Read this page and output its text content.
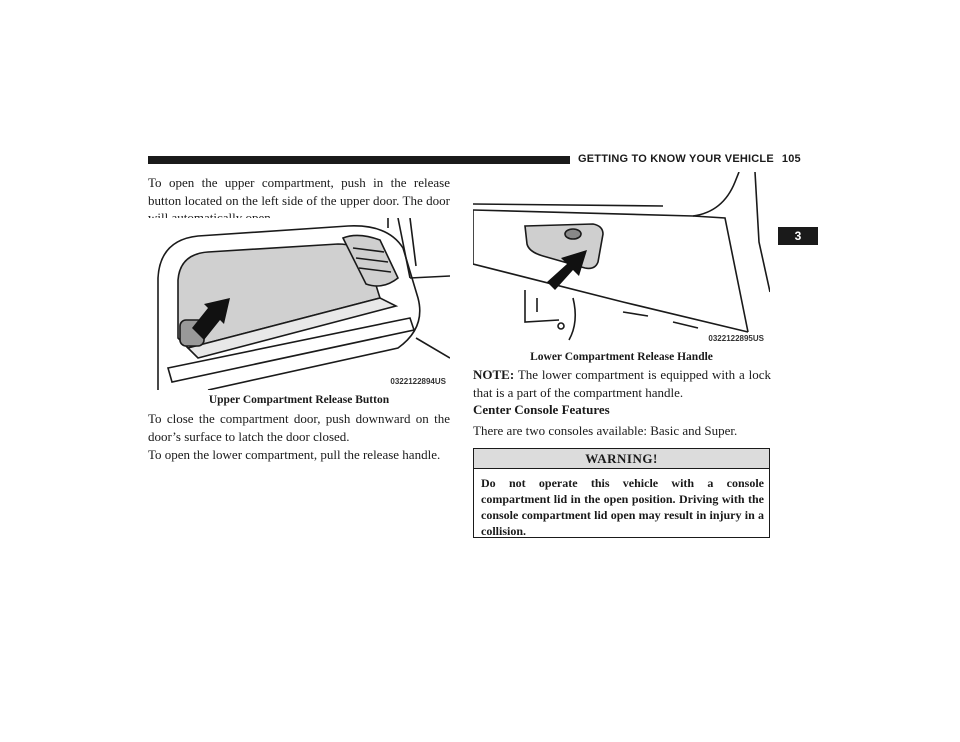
GETTING TO KNOW YOUR VEHICLE 105
3

To open the upper compartment, push in the release button located on the left side of the upper door. The door

0322122894US
Upper Compartment Release Button

To close the compartment door, push downward on the door’s surface to latch the door closed.

To open the lower compartment, pull the release handle.

0322122895US
Lower Compartment Release Handle

NOTE: The lower compartment is equipped with a lock that is a part of the compartment handle.

Center Console Features

There are two consoles available: Basic and Super.

WARNING!

Do not operate this vehicle with a console compartment lid in the open position. Driving with the console compartment lid open may result in injury in a collision.
